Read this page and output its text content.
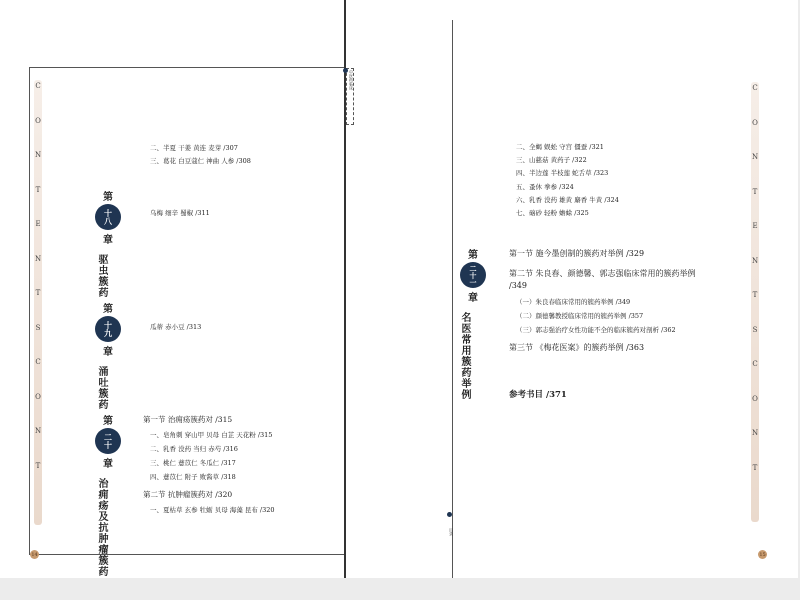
C
O
N
T
E
N
T
S
C
O
N
T
二、半夏 干姜 黄连 麦芽 /307
三、葛花 白豆蔻仁 神曲 人参 /308
第
十
八
章
驱虫簇药
乌梅 细辛 蜀椒 /311
第
十
九
章
涌吐簇药
瓜蒂 赤小豆 /313
第
二
十
章
治痈疡及抗肿瘤簇药
第一节 治痈疡簇药对 /315
一、皂角刺 穿山甲 贝母 白芷 天花粉 /315
二、乳香 没药 当归 赤芍 /316
三、桃仁 薏苡仁 冬瓜仁 /317
四、薏苡仁 附子 败酱草 /318
第二节 抗肿瘤簇药对 /320
一、夏枯草 玄参 牡蛎 贝母 海藻 昆布 /320
14
二、全蝎 蜈蚣 守宫 僵蚕 /321
三、山慈菇 黄药子 /322
四、半边莲 半枝莲 蛇舌草 /323
五、蚤休 拳参 /324
六、乳香 没药 雄黄 麝香 牛黄 /324
七、硇砂 轻粉 蟾蜍 /325
第
二
十
一
章
名医常用簇药举例
第一节 施今墨创制的簇药对举例 /329
第二节 朱良春、颜德馨、郭志强临床常用的簇药举例
/349
（一）朱良春临床常用的簇药举例 /349
（二）颜德馨教授临床常用的簇药举例 /357
（三）郭志强治疗女性功能不全的临床簇药对剖析 /362
第三节 《梅花医案》的簇药举例 /363
参考书目 /371
C
O
N
T
E
N
T
S
C
O
N
T
15
中医药临床
目录
